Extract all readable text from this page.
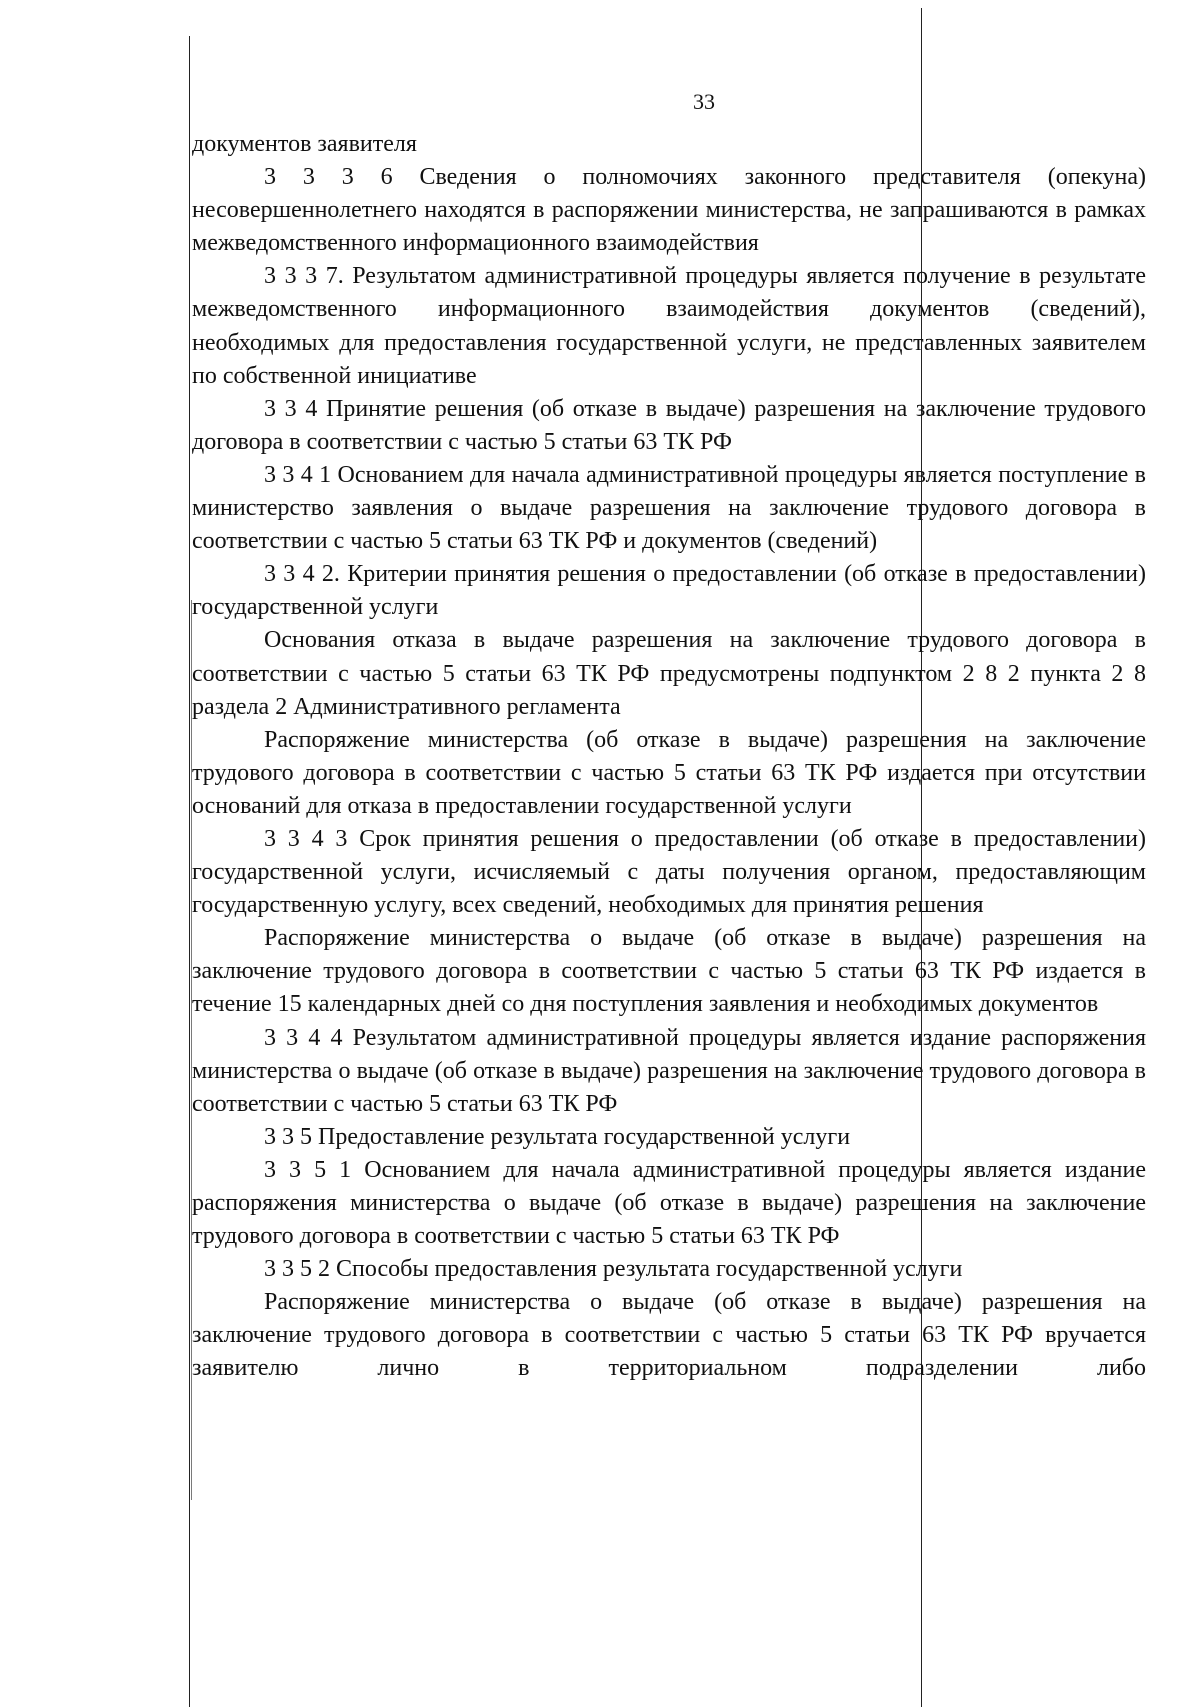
33

документов заявителя

3 3 3 6 Сведения о полномочиях законного представителя (опекуна) несовершеннолетнего находятся в распоряжении министерства, не запрашиваются в рамках межведомственного информационного взаимодействия

3 3 3 7. Результатом административной процедуры является получение в результате межведомственного информационного взаимодействия документов (сведений), необходимых для предоставления государственной услуги, не представленных заявителем по собственной инициативе

3 3 4 Принятие решения (об отказе в выдаче) разрешения на заключение трудового договора в соответствии с частью 5 статьи 63 ТК РФ

3 3 4 1 Основанием для начала административной процедуры является поступление в министерство заявления о выдаче разрешения на заключение трудового договора в соответствии с частью 5 статьи 63 ТК РФ и документов (сведений)

3 3 4 2. Критерии принятия решения о предоставлении (об отказе в предоставлении) государственной услуги

Основания отказа в выдаче разрешения на заключение трудового договора в соответствии с частью 5 статьи 63 ТК РФ предусмотрены подпунктом 2 8 2 пункта 2 8 раздела 2 Административного регламента

Распоряжение министерства (об отказе в выдаче) разрешения на заключение трудового договора в соответствии с частью 5 статьи 63 ТК РФ издается при отсутствии оснований для отказа в предоставлении государственной услуги

3 3 4 3 Срок принятия решения о предоставлении (об отказе в предоставлении) государственной услуги, исчисляемый с даты получения органом, предоставляющим государственную услугу, всех сведений, необходимых для принятия решения

Распоряжение министерства о выдаче (об отказе в выдаче) разрешения на заключение трудового договора в соответствии с частью 5 статьи 63 ТК РФ издается в течение 15 календарных дней со дня поступления заявления и необходимых документов

3 3 4 4 Результатом административной процедуры является издание распоряжения министерства о выдаче (об отказе в выдаче) разрешения на заключение трудового договора в соответствии с частью 5 статьи 63 ТК РФ

3 3 5 Предоставление результата государственной услуги

3 3 5 1 Основанием для начала административной процедуры является издание распоряжения министерства о выдаче (об отказе в выдаче) разрешения на заключение трудового договора в соответствии с частью 5 статьи 63 ТК РФ

3 3 5 2 Способы предоставления результата государственной услуги

Распоряжение министерства о выдаче (об отказе в выдаче) разрешения на заключение трудового договора в соответствии с частью 5 статьи 63 ТК РФ вручается заявителю лично в территориальном подразделении либо
